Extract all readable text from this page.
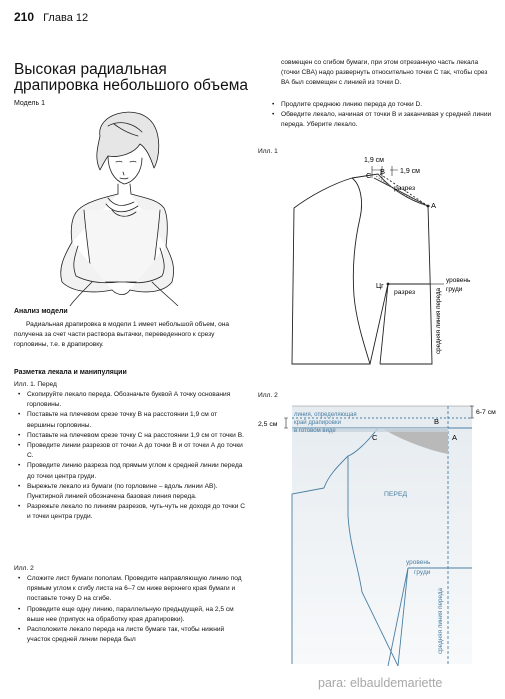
210 Глава 12
Высокая радиальная драпировка небольшого объема
Модель 1
Анализ модели
Радиальная драпировка в модели 1 имеет небольшой объем, она получена за счет части раствора вытачки, переведенного к срезу горловины, т.е. в драпировку.
Разметка лекала и манипуляции
Илл. 1. Перед
• Скопируйте лекало переда. Обозначьте буквой А точку основания горловины.
• Поставьте на плечевом срезе точку В на расстоянии 1,9 см от вершины горловины.
• Поставьте на плечевом срезе точку С на расстоянии 1,9 см от точки В.
• Проведите линии разрезов от точки А до точки В и от точки А до точки С.
• Проведите линию разреза под прямым углом к средней линии переда до точки центра груди.
• Вырежьте лекало из бумаги (по горловине – вдоль линии АВ). Пунктирной линией обозначена базовая линия переда.
• Разрежьте лекало по линиям разрезов, чуть-чуть не доходя до точки С и точки центра груди.
Илл. 2
• Сложите лист бумаги пополам. Проведите направляющую линию под прямым углом к сгибу листа на 6–7 см ниже верхнего края бумаги и поставьте точку D на сгибе.
• Проведите еще одну линию, параллельную предыдущей, на 2,5 см выше нее (припуск на обработку края драпировки).
• Расположите лекало переда на листе бумаге так, чтобы нижний участок средней линии переда был
совмещен со сгибом бумаги, при этом отрезанную часть лекала (точки СВА) надо развернуть относительно точки С так, чтобы срез ВА был совмещен с линией из точки D.
• Продлите среднюю линию переда до точки D.
• Обведите лекало, начиная от точки В и заканчивая у средней линии переда. Уберите лекало.
Илл. 1
1,9 см
1,9 см
C B
A
разрез
разрез
Цг
уровень
груди
средняя линия переда
Илл. 2
6-7 см
2,5 см
линия, определяющая
край драпировки
в готовом виде
C
B
A
ПЕРЕД
уровень
груди
средняя линия переда
para: elbauldemariette
